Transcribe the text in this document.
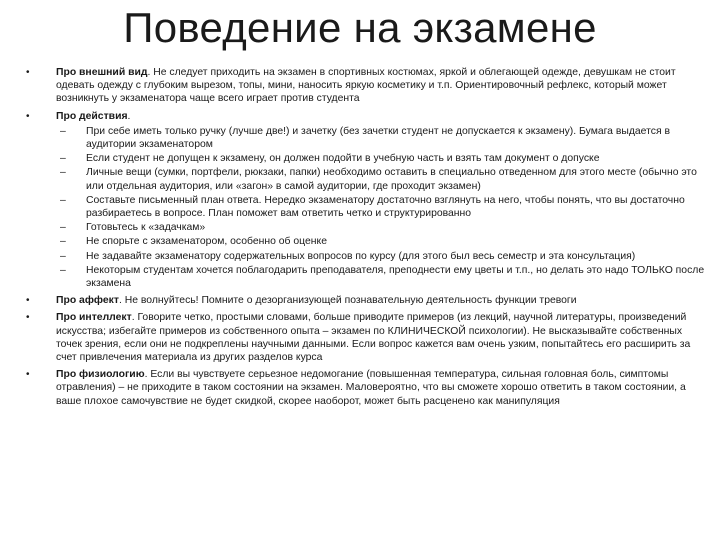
Поведение на экзамене
•	Про внешний вид. Не следует приходить на экзамен в спортивных костюмах, яркой и облегающей одежде, девушкам не стоит одевать одежду с глубоким вырезом, топы, мини, наносить яркую косметику и т.п. Ориентировочный рефлекс, который может возникнуть у экзаменатора чаще всего играет против студента
•	Про действия.
– При себе иметь только ручку (лучше две!) и зачетку (без зачетки студент не допускается к экзамену). Бумага выдается в аудитории экзаменатором
– Если студент не допущен к экзамену, он должен подойти в учебную часть и взять там документ о допуске
– Личные вещи (сумки, портфели, рюкзаки, папки) необходимо оставить в специально отведенном для этого месте (обычно это или отдельная аудитория, или «загон» в самой аудитории, где проходит экзамен)
– Составьте письменный план ответа. Нередко экзаменатору достаточно взглянуть на него, чтобы понять, что вы достаточно разбираетесь в вопросе. План поможет вам ответить четко и структурированно
– Готовьтесь к «задачкам»
– Не спорьте с экзаменатором, особенно об оценке
– Не задавайте экзаменатору содержательных вопросов по курсу (для этого был весь семестр и эта консультация)
– Некоторым студентам хочется поблагодарить преподавателя, преподнести ему цветы и т.п., но делать это надо ТОЛЬКО после экзамена
•	Про аффект. Не волнуйтесь! Помните о дезорганизующей познавательную деятельность функции тревоги
•	Про интеллект. Говорите четко, простыми словами, больше приводите примеров (из лекций, научной литературы, произведений искусства; избегайте примеров из собственного опыта – экзамен по КЛИНИЧЕСКОЙ психологии). Не высказывайте собственных точек зрения, если они не подкреплены научными данными. Если вопрос кажется вам очень узким, попытайтесь его расширить за счет привлечения материала из других разделов курса
•	Про физиологию. Если вы чувствуете серьезное недомогание (повышенная температура, сильная головная боль, симптомы отравления) – не приходите в таком состоянии на экзамен. Маловероятно, что вы сможете хорошо ответить в таком состоянии, а ваше плохое самочувствие не будет скидкой, скорее наоборот, может быть расценено как манипуляция
